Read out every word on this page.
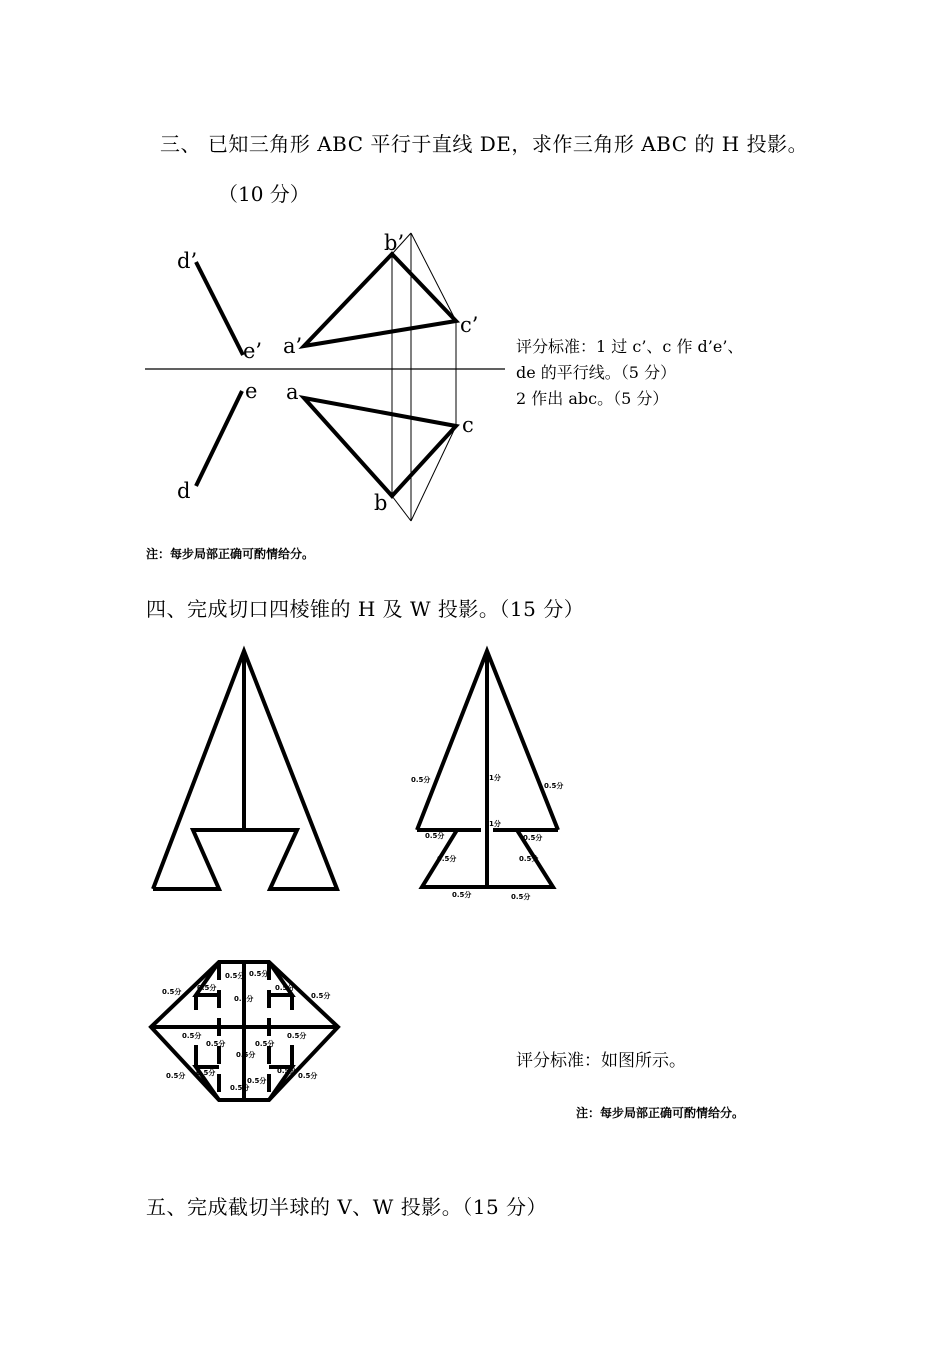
三、 已知三角形 ABC 平行于直线 DE，求作三角形 ABC 的 H 投影。
（10 分）
d’
b’
c’
e’ a’
e a
c
d	b
评分标准：1 过 c’、c 作 d’e’、
de 的平行线。（5 分）
2 作出 abc。（5 分）
注：每步局部正确可酌情给分。
四、完成切口四棱锥的 H 及 W 投影。（15 分）
0.5分	1分
0.5分
1分
0.5分	0.5分
0.5分	0.5分
0.5分	0.5分
0.5分 0.5分
0.5分 0.5分
0.5分
0.5分
0.5分
0.5分
0.5分	0.5分
0.5分
0.5分
0.5分 0.5分
0.5分
0.5分
0.5分
0.5分
评分标准：如图所示。
注：每步局部正确可酌情给分。
五、完成截切半球的 V、W 投影。（15 分）
